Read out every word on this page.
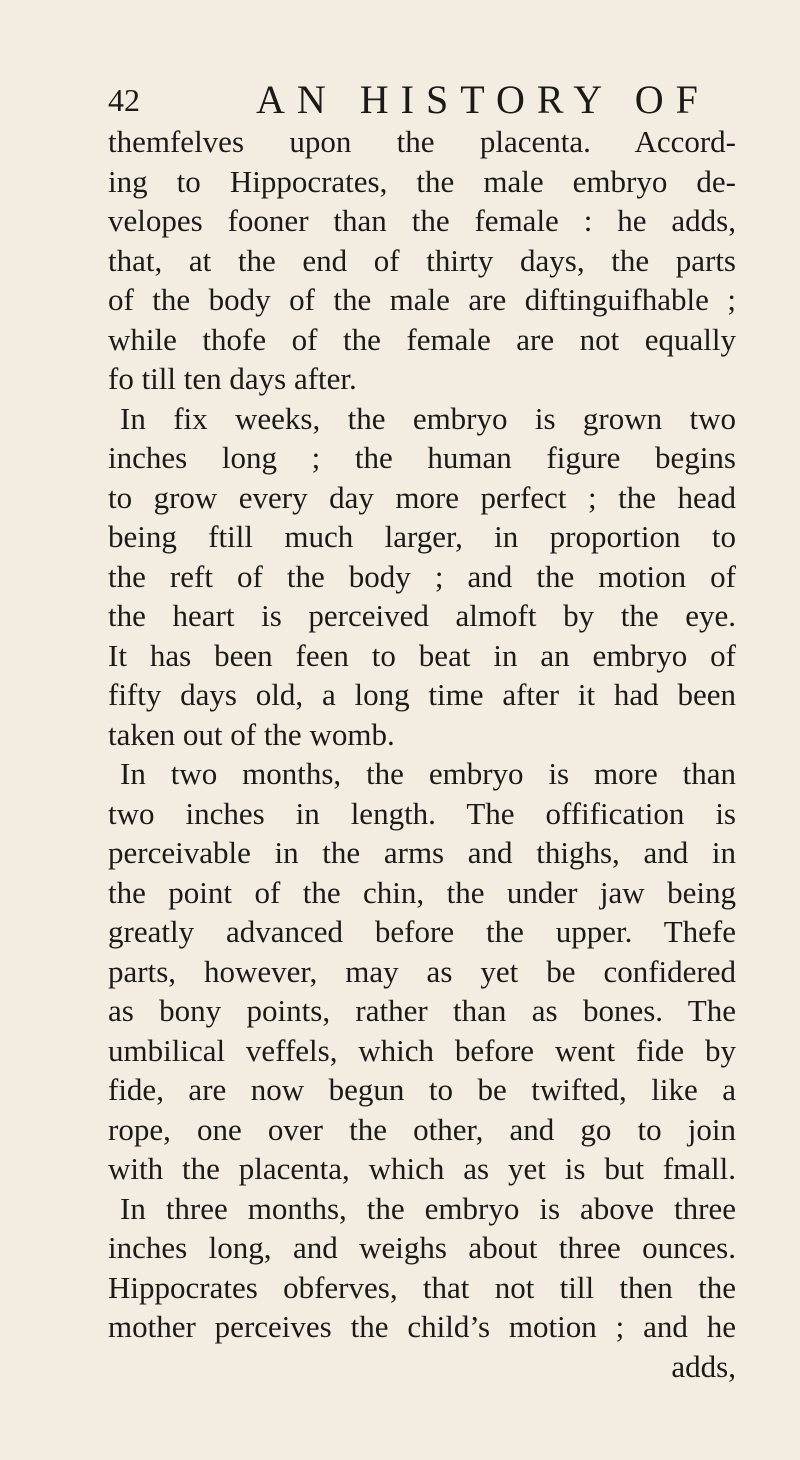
42	AN HISTORY OF
themfelves upon the placenta. Accord-
ing to Hippocrates, the male embryo de-
velopes fooner than the female : he adds,
that, at the end of thirty days, the parts
of the body of the male are diftinguifhable ;
while thofe of the female are not equally
fo till ten days after.
In fix weeks, the embryo is grown two
inches long ; the human figure begins
to grow every day more perfect ; the head
being ftill much larger, in proportion to
the reft of the body ; and the motion of
the heart is perceived almoft by the eye.
It has been feen to beat in an embryo of
fifty days old, a long time after it had been
taken out of the womb.
In two months, the embryo is more than
two inches in length. The offification is
perceivable in the arms and thighs, and in
the point of the chin, the under jaw being
greatly advanced before the upper. Thefe
parts, however, may as yet be confidered
as bony points, rather than as bones. The
umbilical veffels, which before went fide by
fide, are now begun to be twifted, like a
rope, one over the other, and go to join
with the placenta, which as yet is but fmall.
In three months, the embryo is above three
inches long, and weighs about three ounces.
Hippocrates obferves, that not till then the
mother perceives the child’s motion ; and he
adds,
